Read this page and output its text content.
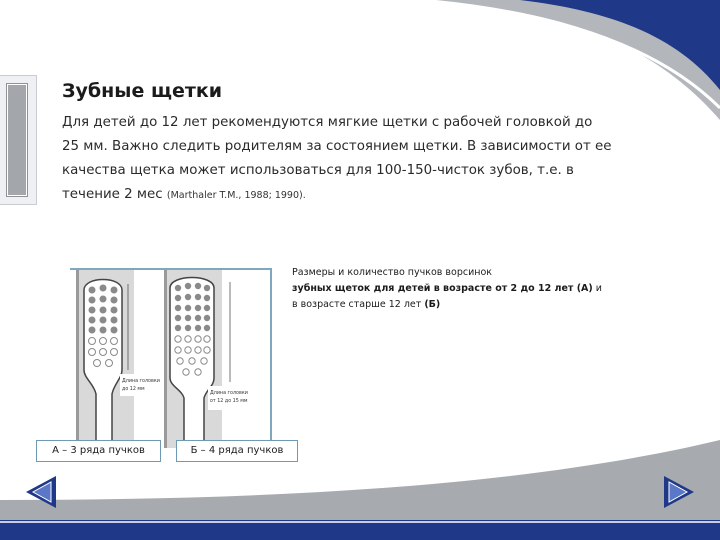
Зубные щетки

Для детей до 12 лет рекомендуются мягкие щетки с рабочей головкой до
25 мм. Важно следить родителям за состоянием щетки. В зависимости от ее
качества щетка может использоваться для 100-150-чисток зубов, т.е. в
течение 2 мес (Marthaler T.M., 1988; 1990).

Длина головки
до 12 мм
Длина головки
от 12 до 15 мм

Размеры и количество пучков ворсинок
зубных щеток для детей в возрасте от 2 до 12 лет (А) и
в возрасте старше 12 лет (Б)

А – 3 ряда пучков	Б – 4 ряда пучков
